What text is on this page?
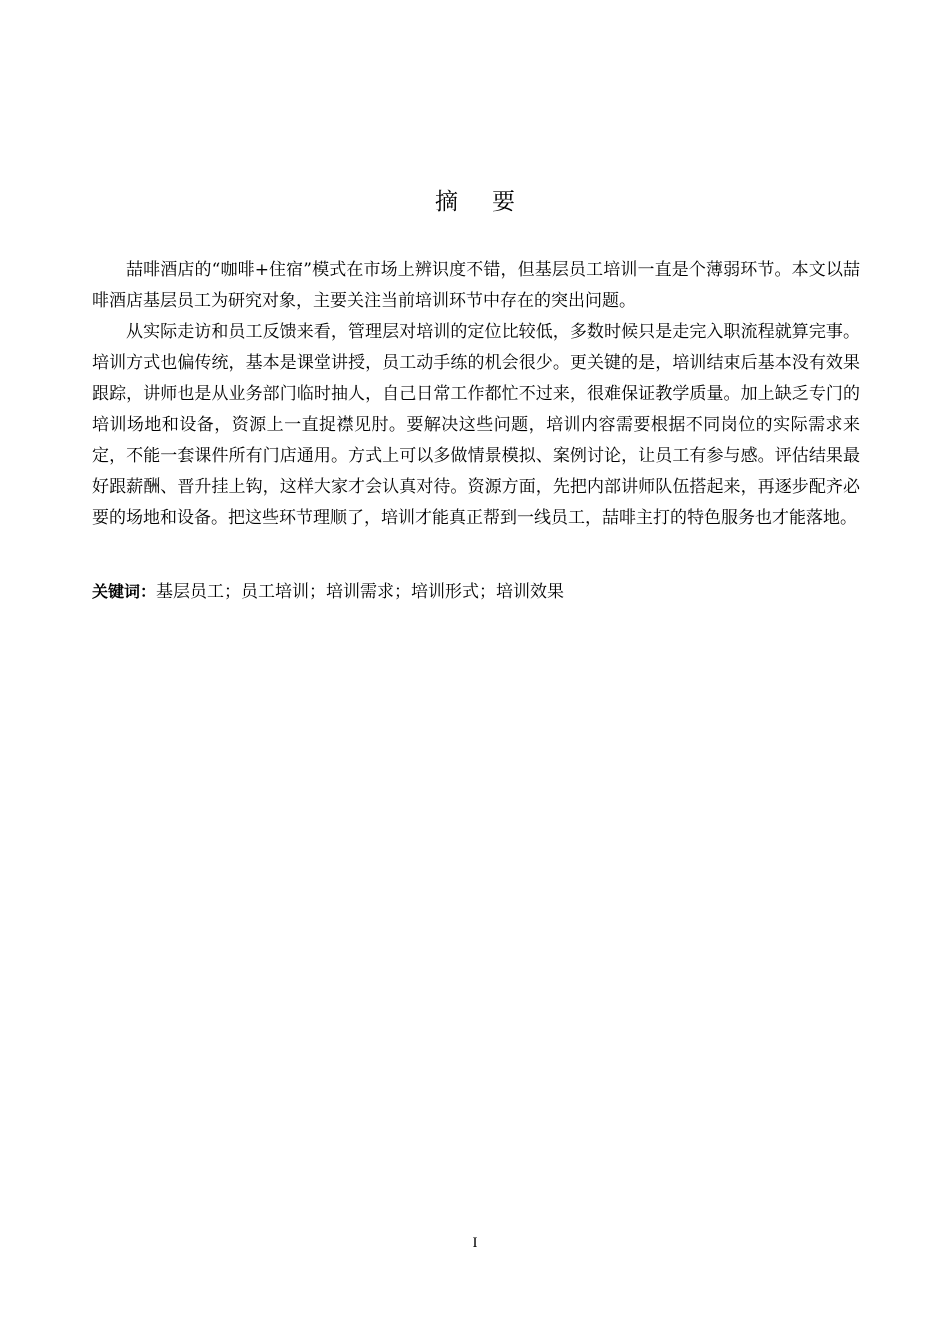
摘要

喆啡酒店的“咖啡+住宿”模式在市场上辨识度不错，但基层员工培训一直是个薄弱环节。本文以喆啡酒店基层员工为研究对象，主要关注当前培训环节中存在的突出问题。

从实际走访和员工反馈来看，管理层对培训的定位比较低，多数时候只是走完入职流程就算完事。培训方式也偏传统，基本是课堂讲授，员工动手练的机会很少。更关键的是，培训结束后基本没有效果跟踪，讲师也是从业务部门临时抽人，自己日常工作都忙不过来，很难保证教学质量。加上缺乏专门的培训场地和设备，资源上一直捉襟见肘。要解决这些问题，培训内容需要根据不同岗位的实际需求来定，不能一套课件所有门店通用。方式上可以多做情景模拟、案例讨论，让员工有参与感。评估结果最好跟薪酬、晋升挂上钩，这样大家才会认真对待。资源方面，先把内部讲师队伍搭起来，再逐步配齐必要的场地和设备。把这些环节理顺了，培训才能真正帮到一线员工，喆啡主打的特色服务也才能落地。

关键词：基层员工；员工培训；培训需求；培训形式；培训效果
I
